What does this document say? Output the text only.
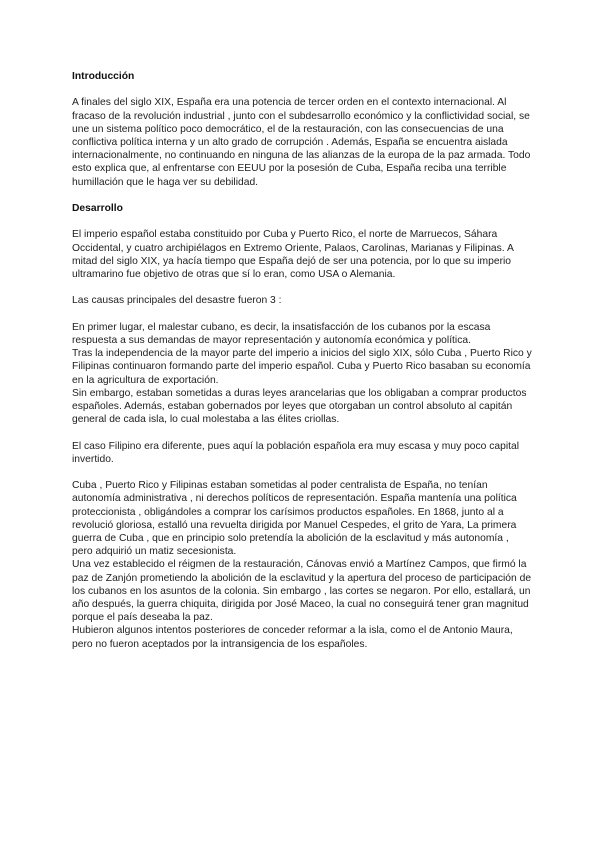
Introducción

A finales del siglo XIX, España era una potencia de tercer orden en el contexto internacional. Al fracaso de la revolución industrial , junto con el subdesarrollo económico y la conflictividad social, se une un sistema político poco democrático, el de la restauración, con las consecuencias de una conflictiva política interna y un alto grado de corrupción . Además, España se encuentra aislada internacionalmente, no continuando en ninguna de las alianzas de la europa de la paz armada. Todo esto explica que, al enfrentarse con EEUU por la posesión de Cuba, España reciba una terrible humillación que le haga ver su debilidad.

Desarrollo

El imperio español estaba constituido por Cuba y Puerto Rico, el norte de Marruecos, Sáhara Occidental, y cuatro archipiélagos en Extremo Oriente, Palaos, Carolinas, Marianas y Filipinas. A mitad del siglo XIX, ya hacía tiempo que España dejó de ser una potencia, por lo que su imperio ultramarino fue objetivo de otras que sí lo eran, como USA o Alemania.

Las causas principales del desastre fueron 3 :

En primer lugar, el malestar cubano, es decir, la insatisfacción de los cubanos por la escasa respuesta a sus demandas de mayor representación y autonomía económica y política.

Tras la independencia de la mayor parte del imperio a inicios del siglo XIX, sólo Cuba , Puerto Rico y Filipinas continuaron formando parte del imperio español. Cuba y Puerto Rico basaban su economía en la agricultura de exportación.

Sin embargo, estaban sometidas a duras leyes arancelarias que los obligaban a comprar productos españoles. Además, estaban gobernados por leyes que otorgaban un control absoluto al capitán general de cada isla, lo cual molestaba a las élites criollas.

El caso Filipino era diferente, pues aquí la población española era muy escasa y muy poco capital invertido.

Cuba , Puerto Rico y Filipinas estaban sometidas al poder centralista de España, no tenían autonomía administrativa , ni derechos políticos de representación. España mantenía una política proteccionista , obligándoles a comprar los carísimos productos españoles. En 1868, junto al a revolució gloriosa, estalló una revuelta dirigida por Manuel Cespedes, el grito de Yara, La primera guerra de Cuba , que en principio solo pretendía la abolición de la esclavitud y más autonomía , pero adquirió un matiz secesionista.

Una vez establecido el réigmen de la restauración, Cánovas envió a Martínez Campos, que firmó la paz de Zanjón prometiendo la abolición de la esclavitud y la apertura del proceso de participación de los cubanos en los asuntos de la colonia. Sin embargo , las cortes se negaron. Por ello, estallará, un año después, la guerra chiquita, dirigida por José Maceo, la cual no conseguirá tener gran magnitud porque el país deseaba la paz.

Hubieron algunos intentos posteriores de conceder reformar a la isla, como el de Antonio Maura, pero no fueron aceptados por la intransigencia de los españoles.
